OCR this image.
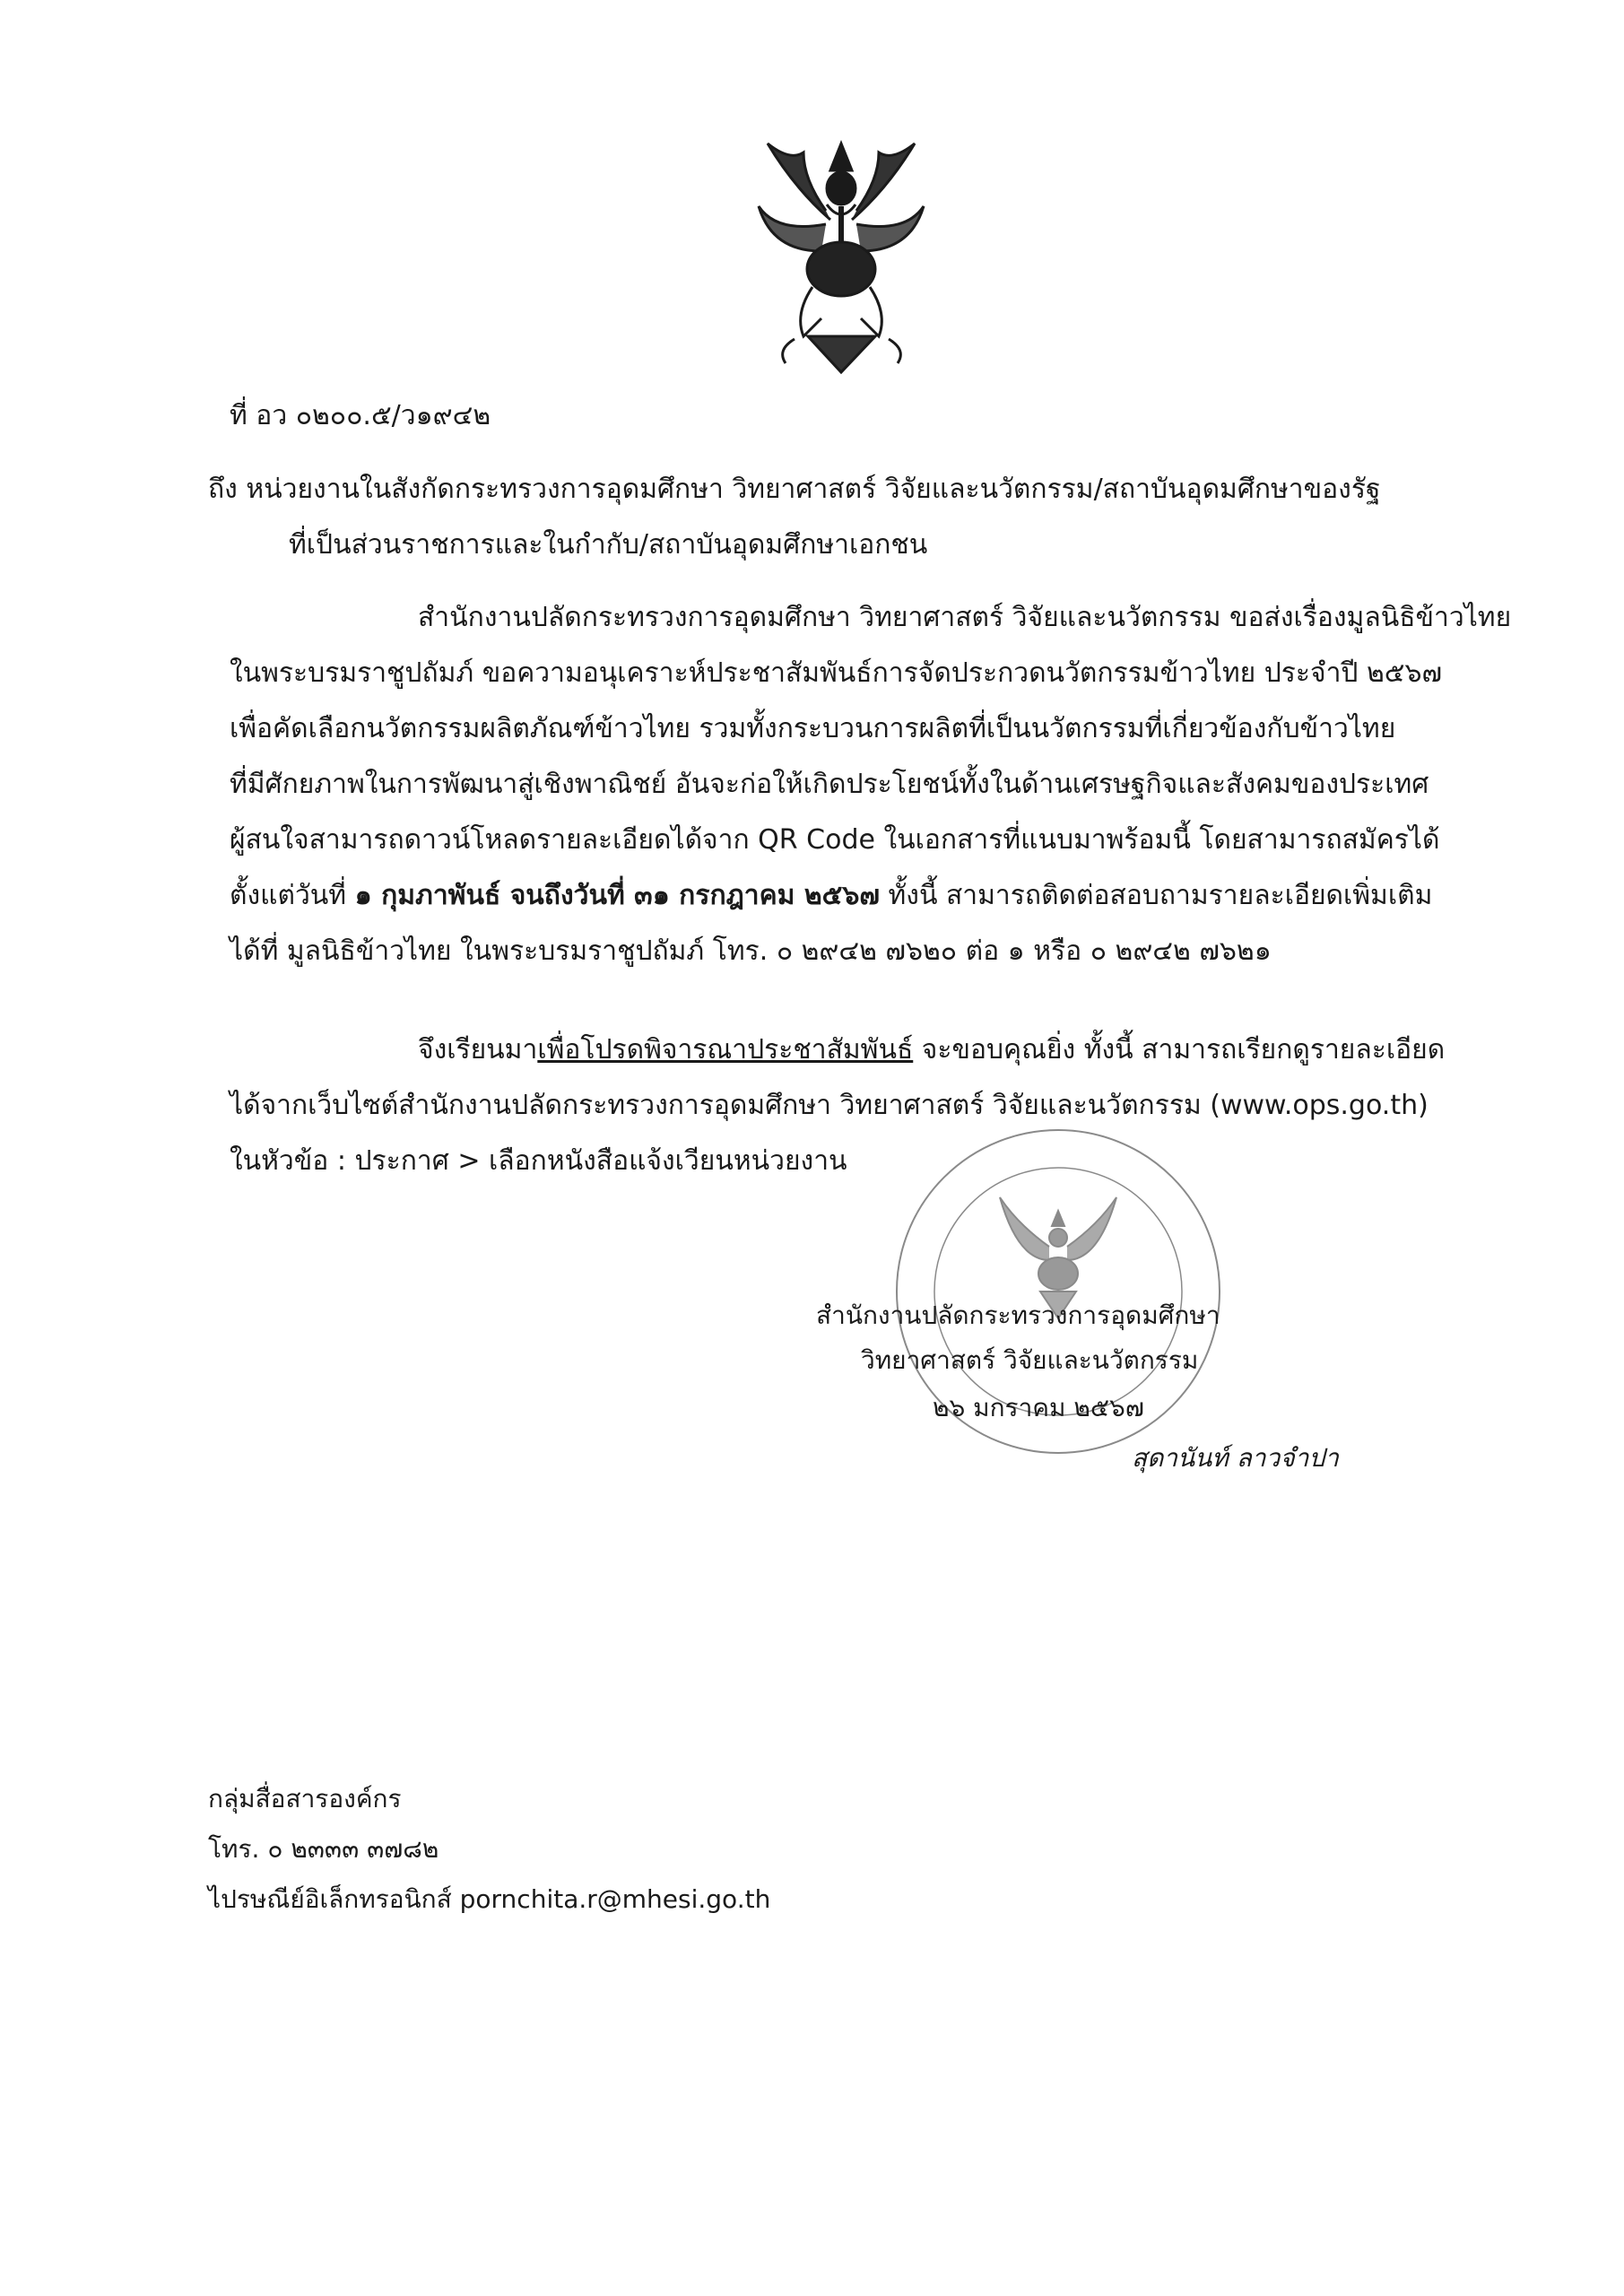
ที่ อว ๐๒๐๐.๕/ว๑๙๔๒
ถึง หน่วยงานในสังกัดกระทรวงการอุดมศึกษา วิทยาศาสตร์ วิจัยและนวัตกรรม/สถาบันอุดมศึกษาของรัฐ
ที่เป็นส่วนราชการและในกำกับ/สถาบันอุดมศึกษาเอกชน

สำนักงานปลัดกระทรวงการอุดมศึกษา วิทยาศาสตร์ วิจัยและนวัตกรรม ขอส่งเรื่องมูลนิธิข้าวไทย

ในพระบรมราชูปถัมภ์ ขอความอนุเคราะห์ประชาสัมพันธ์การจัดประกวดนวัตกรรมข้าวไทย ประจำปี ๒๕๖๗

เพื่อคัดเลือกนวัตกรรมผลิตภัณฑ์ข้าวไทย รวมทั้งกระบวนการผลิตที่เป็นนวัตกรรมที่เกี่ยวข้องกับข้าวไทย

ที่มีศักยภาพในการพัฒนาสู่เชิงพาณิชย์ อันจะก่อให้เกิดประโยชน์ทั้งในด้านเศรษฐกิจและสังคมของประเทศ

ผู้สนใจสามารถดาวน์โหลดรายละเอียดได้จาก QR Code ในเอกสารที่แนบมาพร้อมนี้ โดยสามารถสมัครได้

ตั้งแต่วันที่ ๑ กุมภาพันธ์ จนถึงวันที่ ๓๑ กรกฎาคม ๒๕๖๗ ทั้งนี้ สามารถติดต่อสอบถามรายละเอียดเพิ่มเติม

ได้ที่ มูลนิธิข้าวไทย ในพระบรมราชูปถัมภ์ โทร. ๐ ๒๙๔๒ ๗๖๒๐ ต่อ ๑ หรือ ๐ ๒๙๔๒ ๗๖๒๑

จึงเรียนมาเพื่อโปรดพิจารณาประชาสัมพันธ์ จะขอบคุณยิ่ง ทั้งนี้ สามารถเรียกดูรายละเอียด

ได้จากเว็บไซต์สำนักงานปลัดกระทรวงการอุดมศึกษา วิทยาศาสตร์ วิจัยและนวัตกรรม (www.ops.go.th)

ในหัวข้อ : ประกาศ > เลือกหนังสือแจ้งเวียนหน่วยงาน

สำนักงานปลัดกระทรวงการอุดมศึกษา
วิทยาศาสตร์ วิจัยและนวัตกรรม
๒๖ มกราคม ๒๕๖๗
สุดานันท์ ลาวจำปา
กลุ่มสื่อสารองค์กร
โทร. ๐ ๒๓๓๓ ๓๗๘๒
ไปรษณีย์อิเล็กทรอนิกส์ pornchita.r@mhesi.go.th
